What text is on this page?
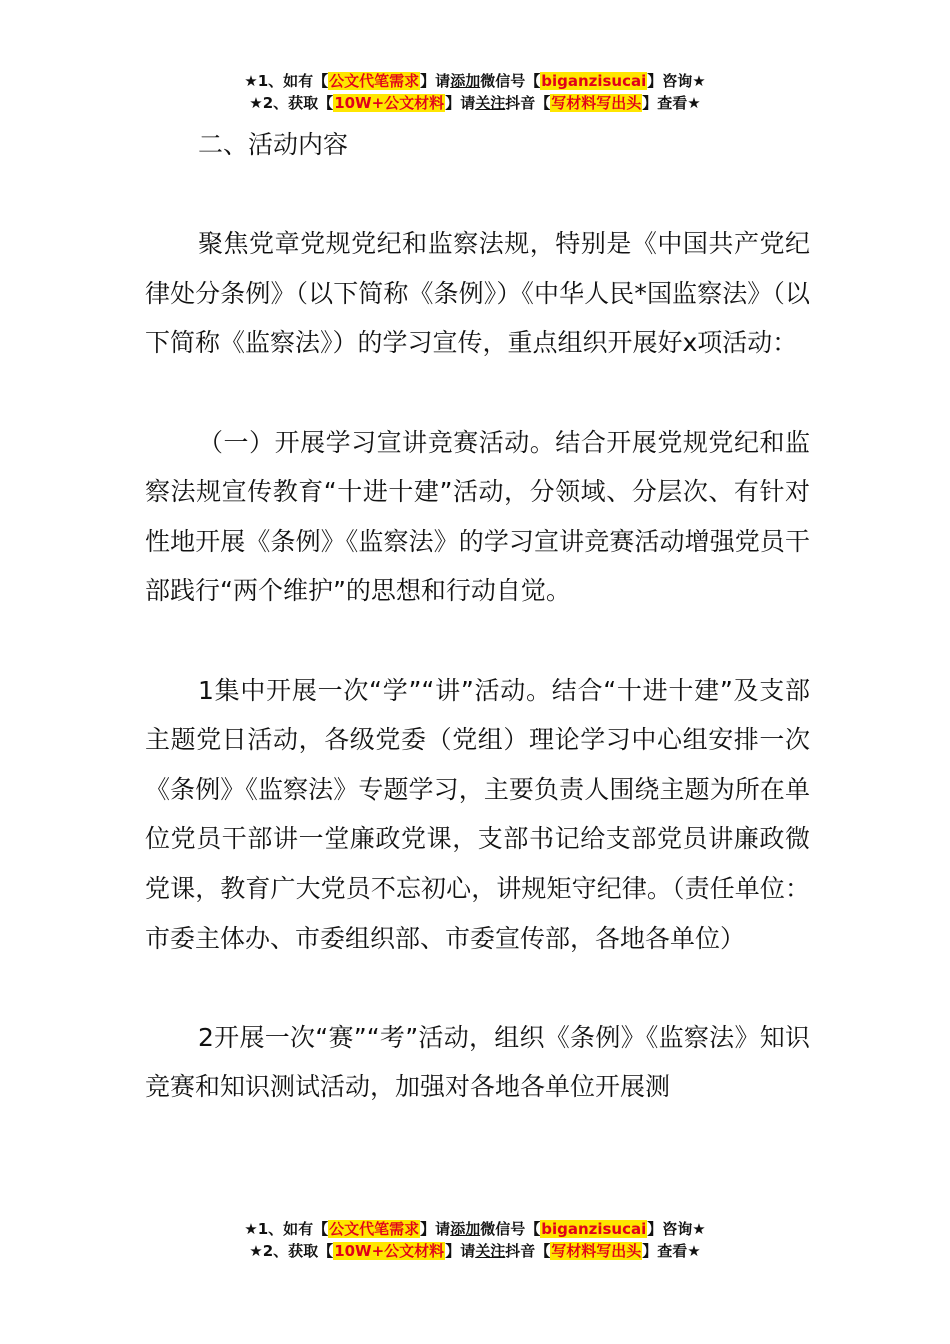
★1、如有【公文代笔需求】请添加微信号【biganzisucai】咨询★
★2、获取【10W+公文材料】请关注抖音【写材料写出头】查看★
二、活动内容

聚焦党章党规党纪和监察法规，特别是《中国共产党纪律处分条例》（以下简称《条例》）《中华人民*国监察法》（以下简称《监察法》）的学习宣传，重点组织开展好x项活动：

（一）开展学习宣讲竞赛活动。结合开展党规党纪和监察法规宣传教育“十进十建”活动，分领域、分层次、有针对性地开展《条例》《监察法》的学习宣讲竞赛活动增强党员干部践行“两个维护”的思想和行动自觉。

1集中开展一次“学”“讲”活动。结合“十进十建”及支部主题党日活动，各级党委（党组）理论学习中心组安排一次《条例》《监察法》专题学习，主要负责人围绕主题为所在单位党员干部讲一堂廉政党课，支部书记给支部党员讲廉政微党课，教育广大党员不忘初心，讲规矩守纪律。（责任单位：市委主体办、市委组织部、市委宣传部，各地各单位）

2开展一次“赛”“考”活动，组织《条例》《监察法》知识竞赛和知识测试活动，加强对各地各单位开展测

★1、如有【公文代笔需求】请添加微信号【biganzisucai】咨询★
★2、获取【10W+公文材料】请关注抖音【写材料写出头】查看★
